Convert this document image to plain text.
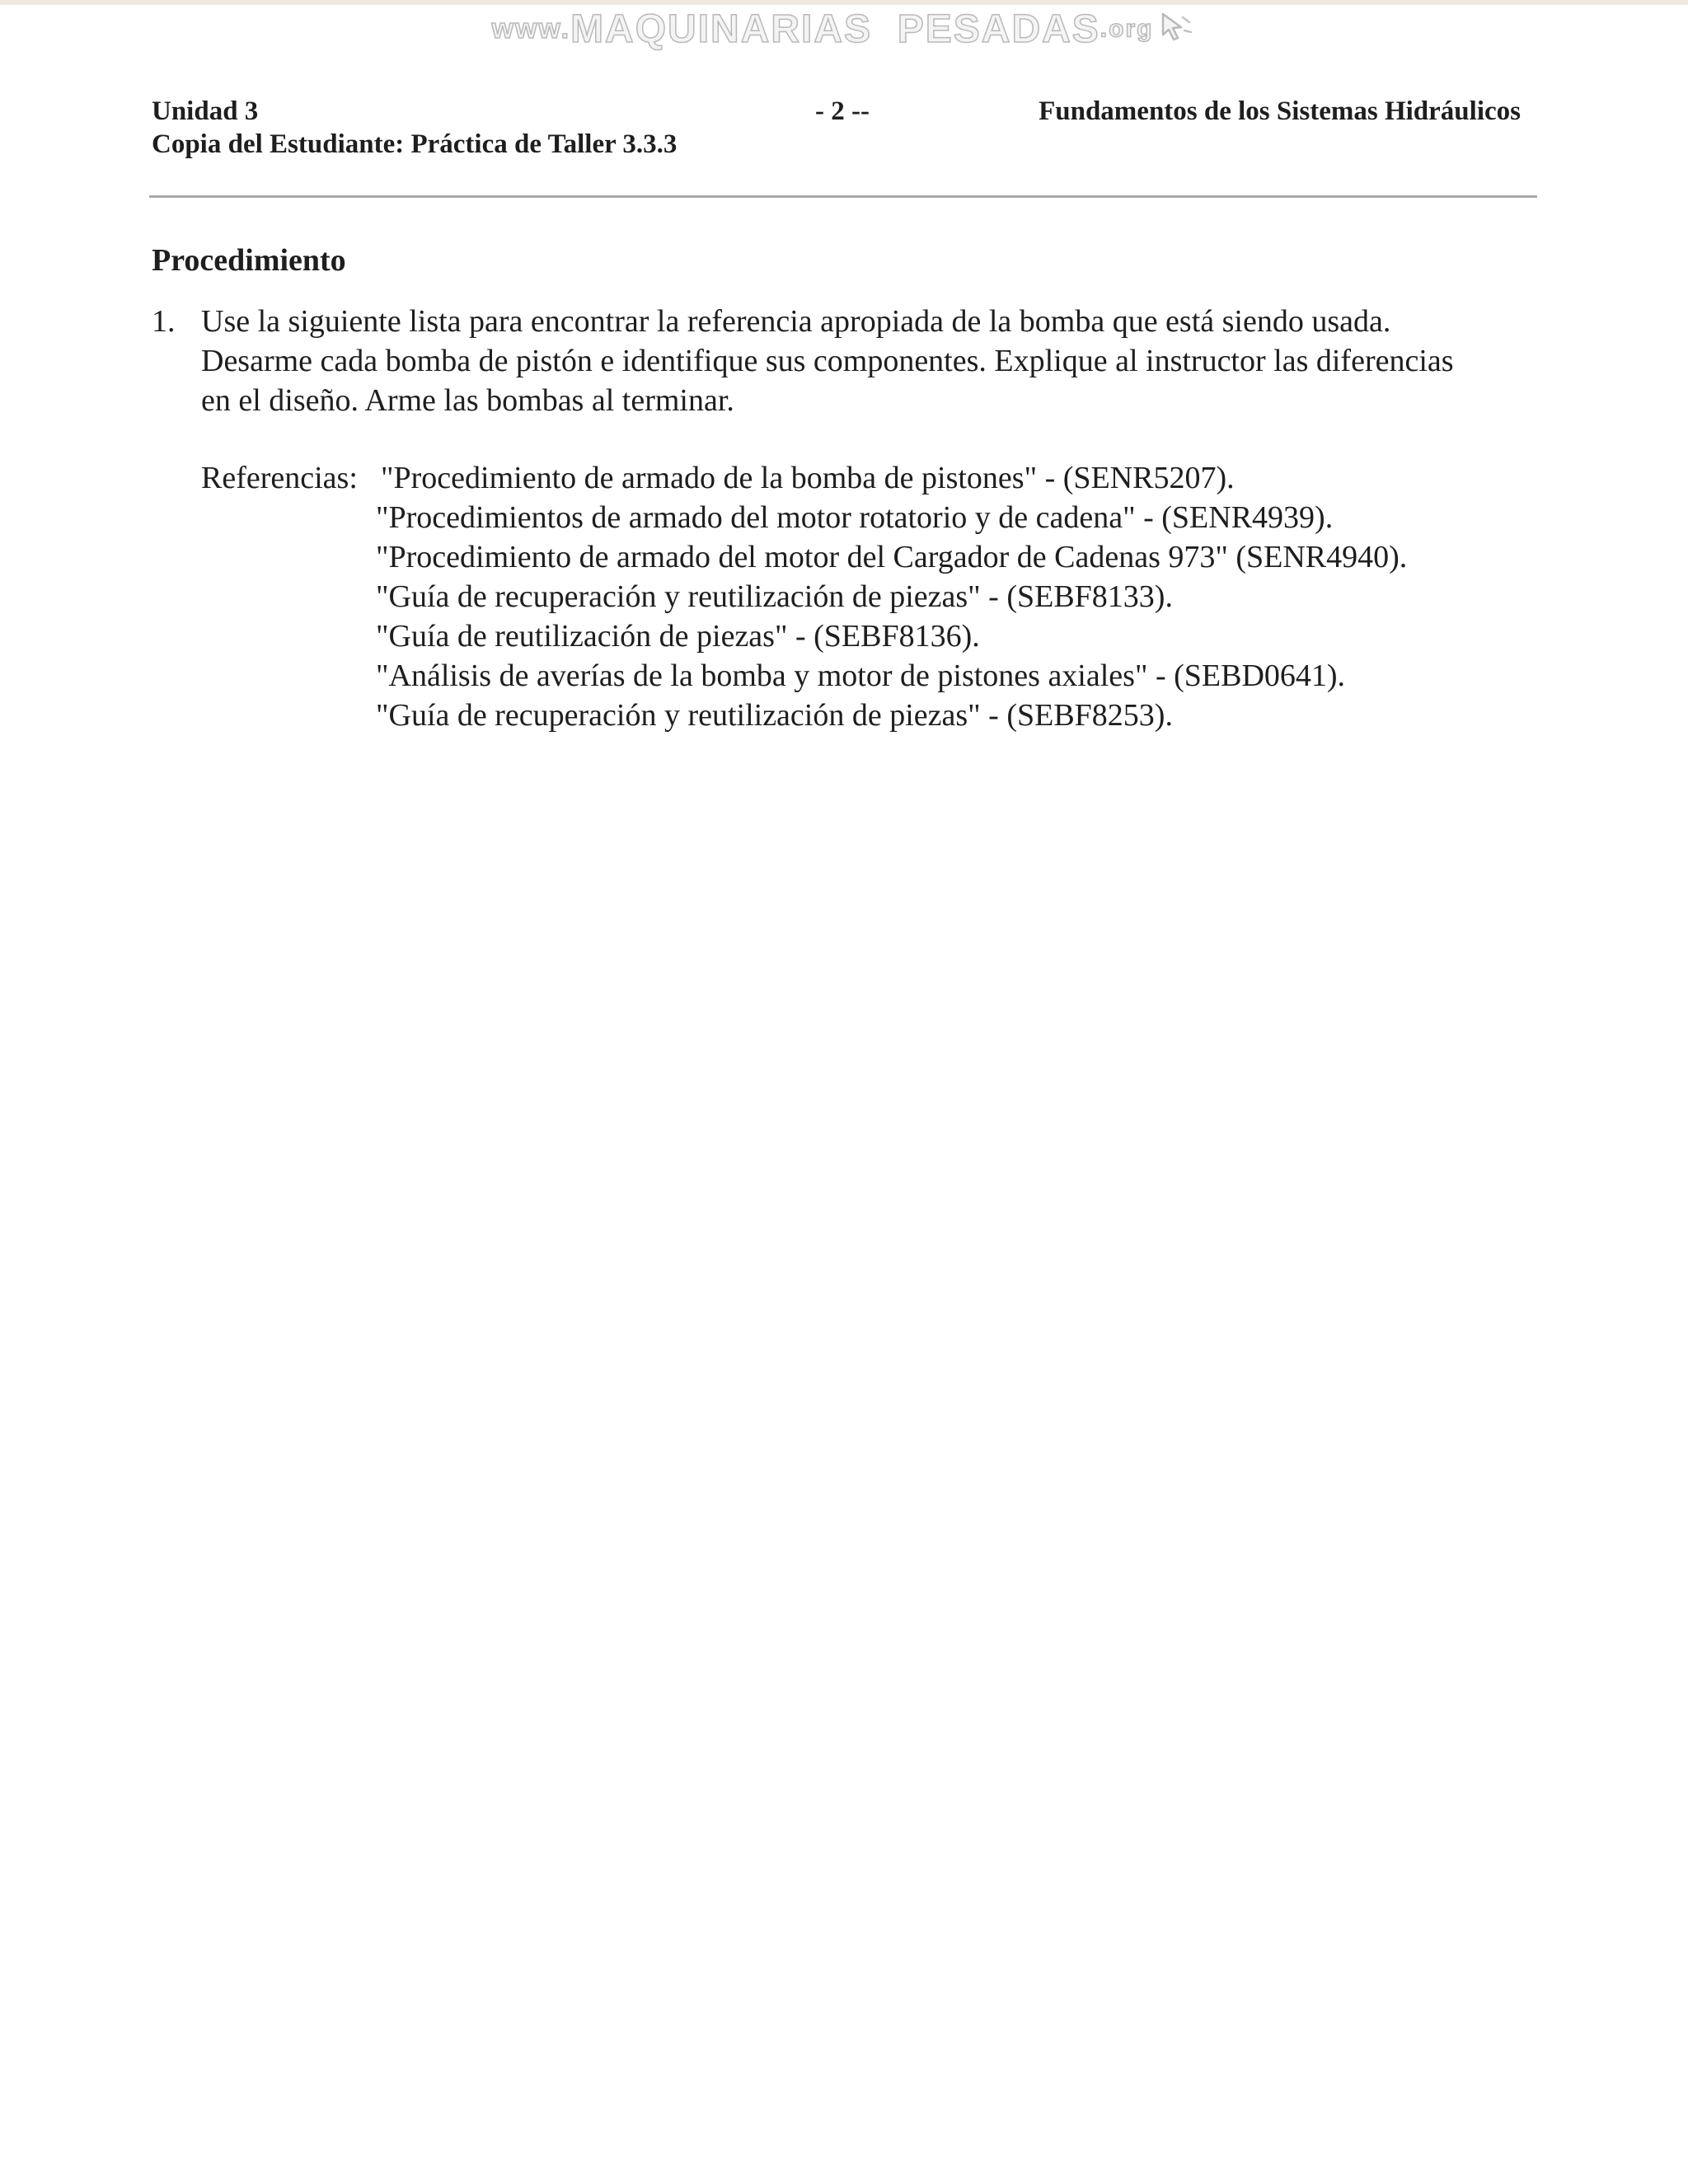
www.MAQUINARIAS  PESADAS.org
Unidad 3
Copia del Estudiante: Práctica de Taller 3.3.3
- 2 --	Fundamentos de los Sistemas Hidráulicos
Procedimiento
1. Use la siguiente lista para encontrar la referencia apropiada de la bomba que está siendo usada.
Desarme cada bomba de pistón e identifique sus componentes. Explique al instructor las diferencias
en el diseño. Arme las bombas al terminar.
Referencias: "Procedimiento de armado de la bomba de pistones" - (SENR5207).
"Procedimientos de armado del motor rotatorio y de cadena" - (SENR4939).
"Procedimiento de armado del motor del Cargador de Cadenas 973" (SENR4940).
"Guía de recuperación y reutilización de piezas" - (SEBF8133).
"Guía de reutilización de piezas" - (SEBF8136).
"Análisis de averías de la bomba y motor de pistones axiales" - (SEBD0641).
"Guía de recuperación y reutilización de piezas" - (SEBF8253).
